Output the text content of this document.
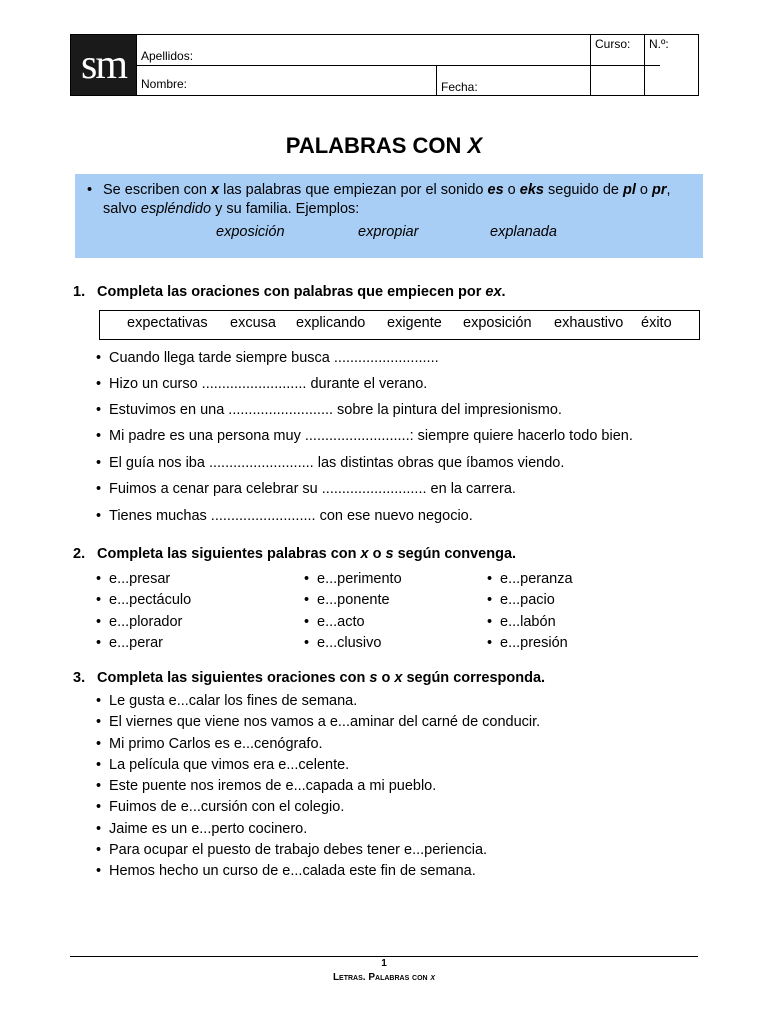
sm	Apellidos:
Nombre:	Fecha:
Curso:	N.º:
PALABRAS CON X
• Se escriben con x las palabras que empiezan por el sonido es o eks seguido de pl o pr, salvo espléndido y su familia. Ejemplos:
exposición	expropiar	explanada
1. Completa las oraciones con palabras que empiecen por ex.
expectativas excusa explicando exigente exposición exhaustivo éxito
• Cuando llega tarde siempre busca ..........................
• Hizo un curso .......................... durante el verano.
• Estuvimos en una .......................... sobre la pintura del impresionismo.
• Mi padre es una persona muy ..........................: siempre quiere hacerlo todo bien.
• El guía nos iba .......................... las distintas obras que íbamos viendo.
• Fuimos a cenar para celebrar su .......................... en la carrera.
• Tienes muchas .......................... con ese nuevo negocio.
2. Completa las siguientes palabras con x o s según convenga.
• e...presar
• e...pectáculo
• e...plorador
• e...perar
• e...perimento
• e...ponente
• e...acto
• e...clusivo
• e...peranza
• e...pacio
• e...labón
• e...presión
3. Completa las siguientes oraciones con s o x según corresponda.
• Le gusta e...calar los fines de semana.
• El viernes que viene nos vamos a e...aminar del carné de conducir.
• Mi primo Carlos es e...cenógrafo.
• La película que vimos era e...celente.
• Este puente nos iremos de e...capada a mi pueblo.
• Fuimos de e...cursión con el colegio.
• Jaime es un e...perto cocinero.
• Para ocupar el puesto de trabajo debes tener e...periencia.
• Hemos hecho un curso de e...calada este fin de semana.
1
Letras. Palabras con x
